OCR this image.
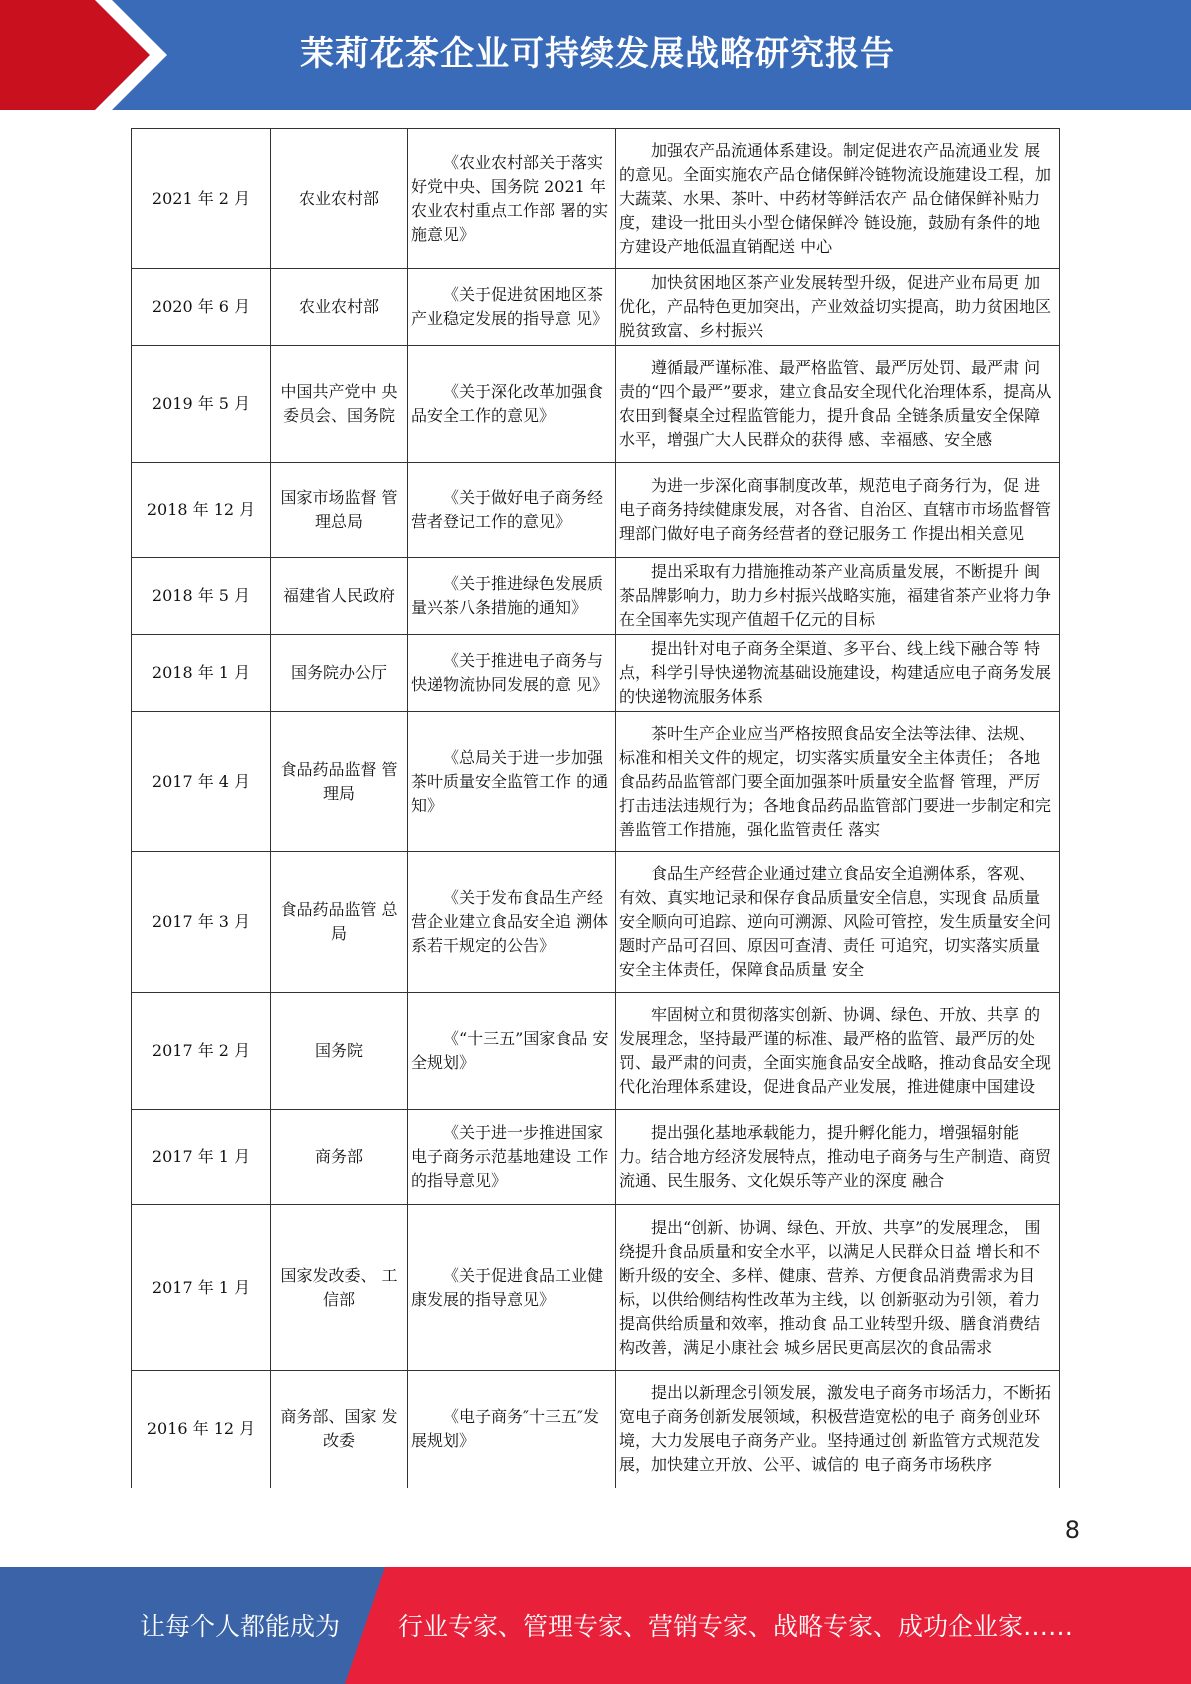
茉莉花茶企业可持续发展战略研究报告
2021 年 2 月	农业农村部	《农业农村部关于落实 好党中央、国务院 2021 年农业农村重点工作部 署的实施意见》	加强农产品流通体系建设。制定促进农产品流通业发 展的意见。全面实施农产品仓储保鲜冷链物流设施建设工程，加大蔬菜、水果、茶叶、中药材等鲜活农产 品仓储保鲜补贴力度，建设一批田头小型仓储保鲜冷 链设施，鼓励有条件的地方建设产地低温直销配送 中心
2020 年 6 月	农业农村部	《关于促进贫困地区茶 产业稳定发展的指导意 见》	加快贫困地区茶产业发展转型升级，促进产业布局更 加优化，产品特色更加突出，产业效益切实提高，助力贫困地区脱贫致富、乡村振兴
2019 年 5 月	中国共产党中 央委员会、国务院	《关于深化改革加强食 品安全工作的意见》	遵循最严谨标准、最严格监管、最严厉处罚、最严肃 问责的“四个最严”要求，建立食品安全现代化治理体系，提高从农田到餐桌全过程监管能力，提升食品 全链条质量安全保障水平，增强广大人民群众的获得 感、幸福感、安全感
2018 年 12 月	国家市场监督 管理总局	《关于做好电子商务经 营者登记工作的意见》	为进一步深化商事制度改革，规范电子商务行为，促 进电子商务持续健康发展，对各省、自治区、直辖市市场监督管理部门做好电子商务经营者的登记服务工 作提出相关意见
2018 年 5 月	福建省人民政府	《关于推进绿色发展质 量兴茶八条措施的通知》	提出采取有力措施推动茶产业高质量发展，不断提升 闽茶品牌影响力，助力乡村振兴战略实施，福建省茶产业将力争在全国率先实现产值超千亿元的目标
2018 年 1 月	国务院办公厅	《关于推进电子商务与 快递物流协同发展的意 见》	提出针对电子商务全渠道、多平台、线上线下融合等 特点，科学引导快递物流基础设施建设，构建适应电子商务发展的快递物流服务体系
2017 年 4 月	食品药品监督 管理局	《总局关于进一步加强 茶叶质量安全监管工作 的通知》	茶叶生产企业应当严格按照食品安全法等法律、法规、 标准和相关文件的规定，切实落实质量安全主体责任； 各地食品药品监管部门要全面加强茶叶质量安全监督 管理，严厉打击违法违规行为；各地食品药品监管部门要进一步制定和完善监管工作措施，强化监管责任 落实
2017 年 3 月	食品药品监管 总局	《关于发布食品生产经 营企业建立食品安全追 溯体系若干规定的公告》	食品生产经营企业通过建立食品安全追溯体系，客观、 有效、真实地记录和保存食品质量安全信息，实现食 品质量安全顺向可追踪、逆向可溯源、风险可管控，发生质量安全问题时产品可召回、原因可查清、责任 可追究，切实落实质量安全主体责任，保障食品质量 安全
2017 年 2 月	国务院	《“十三五”国家食品 安全规划》	牢固树立和贯彻落实创新、协调、绿色、开放、共享 的发展理念，坚持最严谨的标准、最严格的监管、最严厉的处罚、最严肃的问责，全面实施食品安全战略，推动食品安全现代化治理体系建设，促进食品产业发展，推进健康中国建设
2017 年 1 月	商务部	《关于进一步推进国家 电子商务示范基地建设 工作的指导意见》	提出强化基地承载能力，提升孵化能力，增强辐射能 力。结合地方经济发展特点，推动电子商务与生产制造、商贸流通、民生服务、文化娱乐等产业的深度 融合
2017 年 1 月	国家发改委、 工信部	《关于促进食品工业健 康发展的指导意见》	提出“创新、协调、绿色、开放、共享”的发展理念， 围绕提升食品质量和安全水平，以满足人民群众日益 增长和不断升级的安全、多样、健康、营养、方便食品消费需求为目标，以供给侧结构性改革为主线，以 创新驱动为引领，着力提高供给质量和效率，推动食 品工业转型升级、膳食消费结构改善，满足小康社会 城乡居民更高层次的食品需求
2016 年 12 月	商务部、国家 发改委	《电子商务″十三五″发展规划》	提出以新理念引领发展，激发电子商务市场活力，不断拓宽电子商务创新发展领域，积极营造宽松的电子 商务创业环境，大力发展电子商务产业。坚持通过创 新监管方式规范发展，加快建立开放、公平、诚信的 电子商务市场秩序
8
让每个人都能成为 行业专家、管理专家、营销专家、战略专家、成功企业家……
